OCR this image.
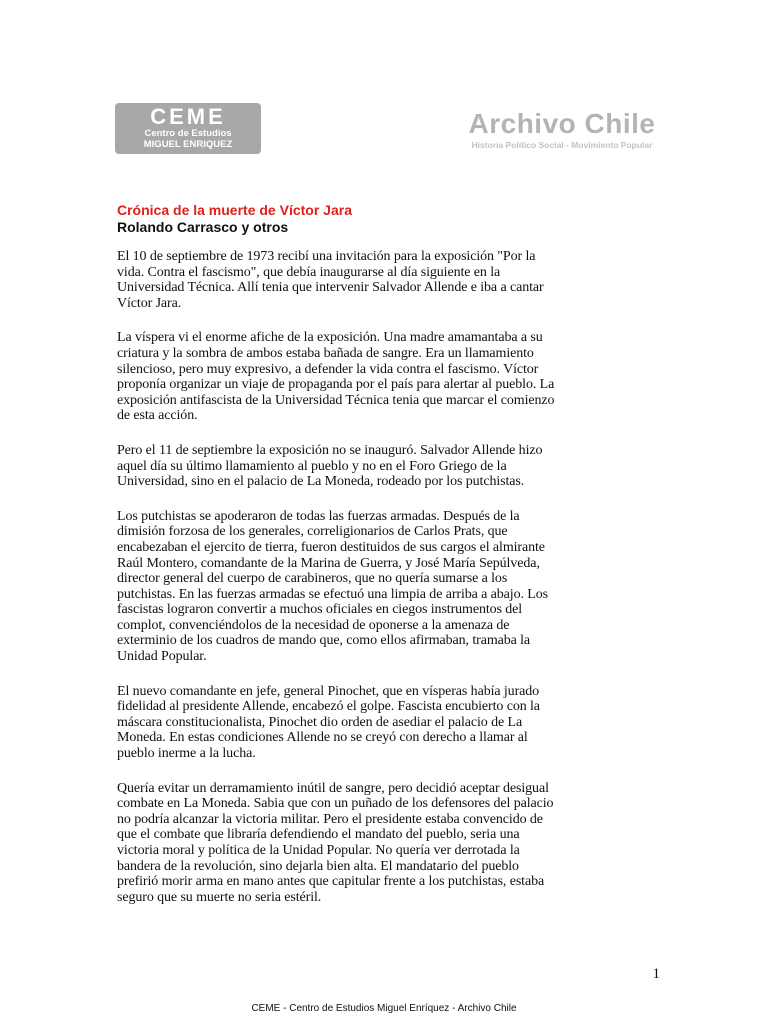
CEME
Centro de Estudios
MIGUEL ENRIQUEZ
Archivo Chile
Historia Político Social - Movimiento Popular
Crónica de la muerte de Víctor Jara
Rolando Carrasco y otros

El 10 de septiembre de 1973 recibí una invitación para la exposición "Por la
vida. Contra el fascismo", que debía inaugurarse al día siguiente en la
Universidad Técnica. Allí tenia que intervenir Salvador Allende e iba a cantar
Víctor Jara.

La víspera vi el enorme afiche de la exposición. Una madre amamantaba a su
criatura y la sombra de ambos estaba bañada de sangre. Era un llamamiento
silencioso, pero muy expresivo, a defender la vida contra el fascismo. Víctor
proponía organizar un viaje de propaganda por el país para alertar al pueblo. La
exposición antifascista de la Universidad Técnica tenia que marcar el comienzo
de esta acción.

Pero el 11 de septiembre la exposición no se inauguró. Salvador Allende hizo
aquel día su último llamamiento al pueblo y no en el Foro Griego de la
Universidad, sino en el palacio de La Moneda, rodeado por los putchistas.

Los putchistas se apoderaron de todas las fuerzas armadas. Después de la
dimisión forzosa de los generales, correligionarios de Carlos Prats, que
encabezaban el ejercito de tierra, fueron destituidos de sus cargos el almirante
Raúl Montero, comandante de la Marina de Guerra, y José María Sepúlveda,
director general del cuerpo de carabineros, que no quería sumarse a los
putchistas. En las fuerzas armadas se efectuó una limpia de arriba a abajo. Los
fascistas lograron convertir a muchos oficiales en ciegos instrumentos del
complot, convenciéndolos de la necesidad de oponerse a la amenaza de
exterminio de los cuadros de mando que, como ellos afirmaban, tramaba la
Unidad Popular.

El nuevo comandante en jefe, general Pinochet, que en vísperas había jurado
fidelidad al presidente Allende, encabezó el golpe. Fascista encubierto con la
máscara constitucionalista, Pinochet dio orden de asediar el palacio de La
Moneda. En estas condiciones Allende no se creyó con derecho a llamar al
pueblo inerme a la lucha.

Quería evitar un derramamiento inútil de sangre, pero decidió aceptar desigual
combate en La Moneda. Sabia que con un puñado de los defensores del palacio
no podría alcanzar la victoria militar. Pero el presidente estaba convencido de
que el combate que libraría defendiendo el mandato del pueblo, seria una
victoria moral y política de la Unidad Popular. No quería ver derrotada la
bandera de la revolución, sino dejarla bien alta. El mandatario del pueblo
prefirió morir arma en mano antes que capitular frente a los putchistas, estaba
seguro que su muerte no seria estéril.

1
CEME - Centro de Estudios Miguel Enríquez - Archivo Chile
